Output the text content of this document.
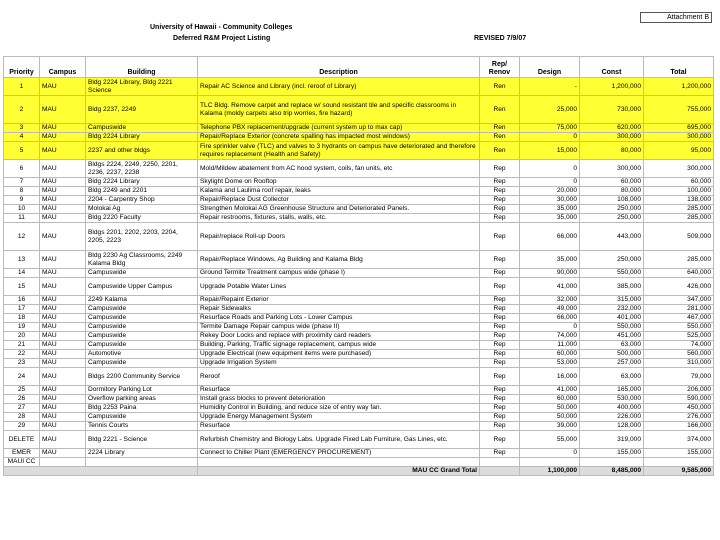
Attachment B
University of Hawaii - Community Colleges
Deferred R&M Project Listing	REVISED 7/9/07
Priority	Campus	Building	Description	Rep/ Renov	Design	Const	Total
1	MAU	Bldg 2224 Library, Bldg 2221 Science	Repair AC Science and Library (incl. reroof of Library)	Ren	-	1,200,000	1,200,000
2	MAU	Bldg 2237, 2249	TLC Bldg. Remove carpet and replace w/ sound resistant tile and specific classrooms in Kalama (moldy carpets also trip worries, fire hazard)	Ren	25,000	730,000	755,000
3	MAU	Campuswide	Telephone PBX replacement/upgrade (current system up to max cap)	Ren	75,000	620,000	695,000
4	MAU	Bldg 2224 Library	Repair/Replace Exterior (concrete spalling has impacted most windows)	Ren	0	300,000	300,000
5	MAU	2237 and other bldgs	Fire sprinkler valve (TLC) and valves to 3 hydrants on campus have deteriorated and therefore requires replacement (Health and Safety)	Ren	15,000	80,000	95,000
6	MAU	Bldgs 2224, 2249, 2250, 2201, 2236, 2237, 2238	Mold/Mildew abatement from AC hood system, coils, fan units, etc	Rep	0	300,000	300,000
7	MAU	Bldg 2224 Library	Skylight Dome on Rooftop	Rep	0	60,000	60,000
8	MAU	Bldg 2249 and 2201	Kalama and Laulima roof repair, leaks	Rep	20,000	80,000	100,000
9	MAU	2204 - Carpentry Shop	Repair/Replace Dust Collector	Rep	30,000	108,000	138,000
10	MAU	Molokai Ag	Strengthen Molokai AG Greenhouse Structure and Deteriorated Panels.	Rep	35,000	250,000	285,000
11	MAU	Bldg 2220 Faculty	Repair restrooms, fixtures, stalls, walls, etc.	Rep	35,000	250,000	285,000
12	MAU	Bldgs 2201, 2202, 2203, 2204, 2205, 2223	Repair/replace Roll-up Doors	Rep	66,000	443,000	509,000
13	MAU	Bldg 2230 Ag Classrooms, 2249 Kalama Bldg	Repair/Replace Windows, Ag Building and Kalama Bldg	Rep	35,000	250,000	285,000
14	MAU	Campuswide	Ground Termite Treatment campus wide (phase I)	Rep	90,000	550,000	640,000
15	MAU	Campuswide Upper Campus	Upgrade Potable Water Lines	Rep	41,000	385,000	426,000
16	MAU	2249 Kalama	Repair/Repaint Exterior	Rep	32,000	315,000	347,000
17	MAU	Campuswide	Repair Sidewalks	Rep	49,000	232,000	281,000
18	MAU	Campuswide	Resurface Roads and Parking Lots - Lower Campus	Rep	66,000	401,000	467,000
19	MAU	Campuswide	Termite Damage Repair campus wide (phase II)	Rep	0	550,000	550,000
20	MAU	Campuswide	Rekey Door Locks and replace with proximity card readers	Rep	74,000	451,000	525,000
21	MAU	Campuswide	Building, Parking, Traffic signage replacement, campus wide	Rep	11,000	63,000	74,000
22	MAU	Automotive	Upgrade Electrical (new equipment items were purchased)	Rep	60,000	500,000	560,000
23	MAU	Campuswide	Upgrade Irrigation System	Rep	53,000	257,000	310,000
24	MAU	Bldgs 2200 Community Service	Reroof	Rep	16,000	63,000	79,000
25	MAU	Dormitory Parking Lot	Resurface	Rep	41,000	165,000	206,000
26	MAU	Overflow parking areas	Install grass blocks to prevent deterioration	Rep	60,000	530,000	590,000
27	MAU	Bldg 2253 Paina	Humidity Control in Building, and reduce size of entry way fan.	Rep	50,000	400,000	450,000
28	MAU	Campuswide	Upgrade Energy Management System	Rep	50,000	226,000	276,000
29	MAU	Tennis Courts	Resurface	Rep	39,000	128,000	166,000
DELETE	MAU	Bldg 2221 - Science	Refurbish Chemistry and Biology Labs. Upgrade Fixed Lab Furniture, Gas Lines, etc.	Rep	55,000	319,000	374,000
EMER	MAU	2224 Library	Connect to Chiller Plant (EMERGENCY PROCUREMENT)	Rep	0	155,000	155,000
MAUI CC							
			MAU CC Grand Total		1,100,000	8,485,000	9,585,000
